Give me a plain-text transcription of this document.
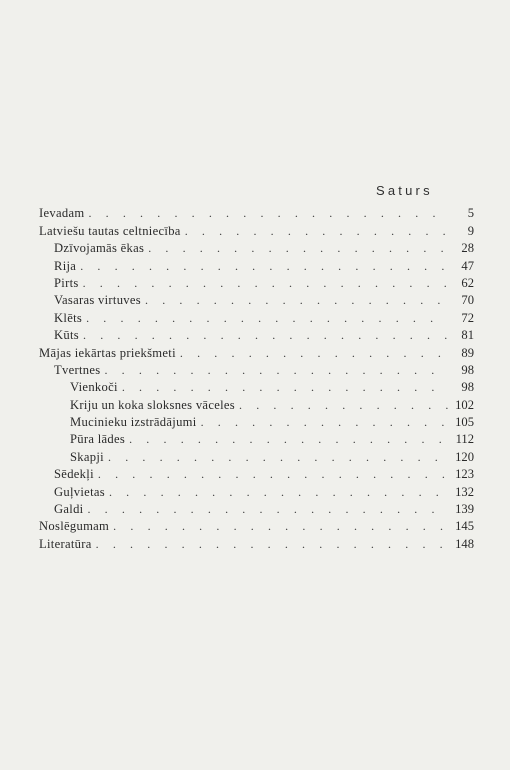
Saturs
Ievadam . . .	5
Latviešu tautas celtniecība . . .	9
Dzīvojamās ēkas . . .	28
Rija . . .	47
Pirts . . .	62
Vasaras virtuves . . .	70
Klēts . . .	72
Kūts . . .	81
Mājas iekārtas priekšmeti . . .	89
Tvertnes . . .	98
Vienkoči . . .	98
Kriju un koka sloksnes vāceles . . .	102
Mucinieku izstrādājumi . . .	105
Pūra lādes . . .	112
Skapji . . .	120
Sēdekļi . . .	123
Guļvietas . . .	132
Galdi . . .	139
Noslēgumam . . .	145
Literatūra . . .	148
